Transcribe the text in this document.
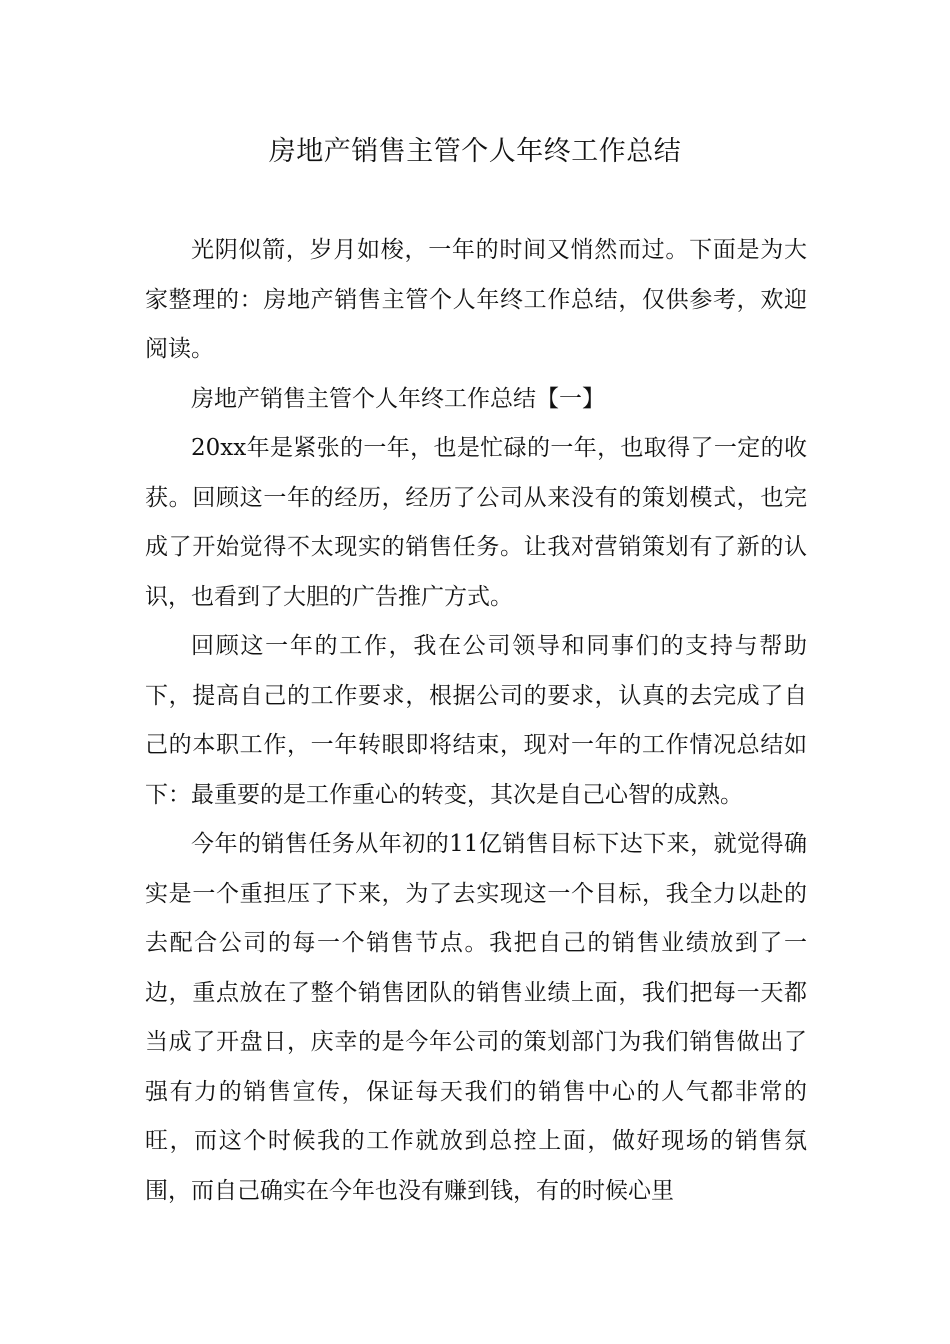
房地产销售主管个人年终工作总结

光阴似箭，岁月如梭，一年的时间又悄然而过。下面是为大家整理的：房地产销售主管个人年终工作总结，仅供参考，欢迎阅读。

房地产销售主管个人年终工作总结【一】

20xx年是紧张的一年，也是忙碌的一年，也取得了一定的收获。回顾这一年的经历，经历了公司从来没有的策划模式，也完成了开始觉得不太现实的销售任务。让我对营销策划有了新的认识，也看到了大胆的广告推广方式。

回顾这一年的工作，我在公司领导和同事们的支持与帮助下，提高自己的工作要求，根据公司的要求，认真的去完成了自己的本职工作，一年转眼即将结束，现对一年的工作情况总结如下：最重要的是工作重心的转变，其次是自己心智的成熟。

今年的销售任务从年初的11亿销售目标下达下来，就觉得确实是一个重担压了下来，为了去实现这一个目标，我全力以赴的去配合公司的每一个销售节点。我把自己的销售业绩放到了一边，重点放在了整个销售团队的销售业绩上面，我们把每一天都当成了开盘日，庆幸的是今年公司的策划部门为我们销售做出了强有力的销售宣传，保证每天我们的销售中心的人气都非常的旺，而这个时候我的工作就放到总控上面，做好现场的销售氛围，而自己确实在今年也没有赚到钱，有的时候心里
